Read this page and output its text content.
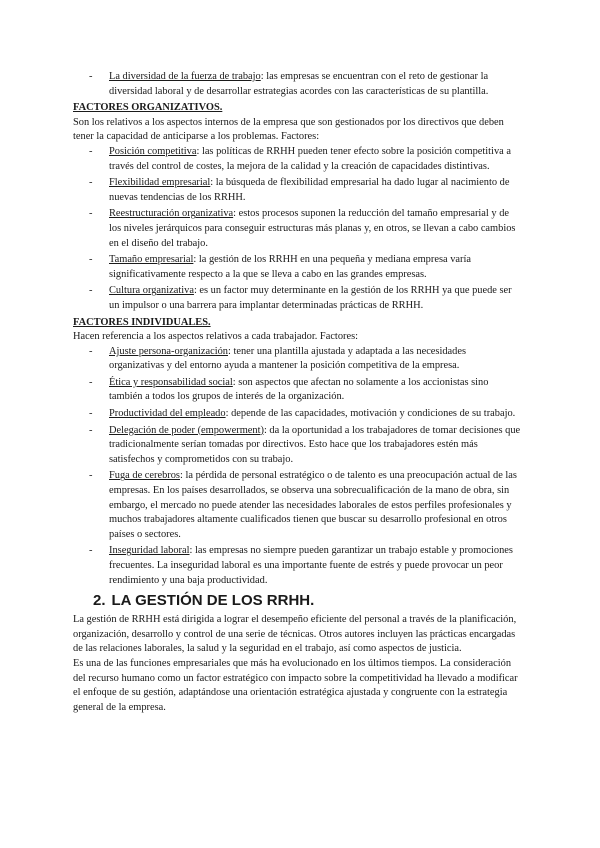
- La diversidad de la fuerza de trabajo: las empresas se encuentran con el reto de gestionar la diversidad laboral y de desarrollar estrategias acordes con las características de su plantilla.

FACTORES ORGANIZATIVOS.

Son los relativos a los aspectos internos de la empresa que son gestionados por los directivos que deben tener la capacidad de anticiparse a los problemas. Factores:

- Posición competitiva: las políticas de RRHH pueden tener efecto sobre la posición competitiva a través del control de costes, la mejora de la calidad y la creación de capacidades distintivas.
- Flexibilidad empresarial: la búsqueda de flexibilidad empresarial ha dado lugar al nacimiento de nuevas tendencias de los RRHH.
- Reestructuración organizativa: estos procesos suponen la reducción del tamaño empresarial y de los niveles jerárquicos para conseguir estructuras más planas y, en otros, se llevan a cabo cambios en el diseño del trabajo.
- Tamaño empresarial: la gestión de los RRHH en una pequeña y mediana empresa varía significativamente respecto a la que se lleva a cabo en las grandes empresas.
- Cultura organizativa: es un factor muy determinante en la gestión de los RRHH ya que puede ser un impulsor o una barrera para implantar determinadas prácticas de RRHH.

FACTORES INDIVIDUALES.

Hacen referencia a los aspectos relativos a cada trabajador. Factores:

- Ajuste persona-organización: tener una plantilla ajustada y adaptada a las necesidades organizativas y del entorno ayuda a mantener la posición competitiva de la empresa.
- Ética y responsabilidad social: son aspectos que afectan no solamente a los accionistas sino también a todos los grupos de interés de la organización.
- Productividad del empleado: depende de las capacidades, motivación y condiciones de su trabajo.
- Delegación de poder (empowerment): da la oportunidad a los trabajadores de tomar decisiones que tradicionalmente serían tomadas por directivos. Esto hace que los trabajadores estén más satisfechos y comprometidos con su trabajo.
- Fuga de cerebros: la pérdida de personal estratégico o de talento es una preocupación actual de las empresas. En los países desarrollados, se observa una sobrecualificación de la mano de obra, sin embargo, el mercado no puede atender las necesidades laborales de estos perfiles profesionales y muchos trabajadores altamente cualificados tienen que buscar su desarrollo profesional en otros países o sectores.
- Inseguridad laboral: las empresas no siempre pueden garantizar un trabajo estable y promociones frecuentes. La inseguridad laboral es una importante fuente de estrés y puede provocar un peor rendimiento y una baja productividad.
2. LA GESTIÓN DE LOS RRHH.

La gestión de RRHH está dirigida a lograr el desempeño eficiente del personal a través de la planificación, organización, desarrollo y control de una serie de técnicas. Otros autores incluyen las prácticas encargadas de las relaciones laborales, la salud y la seguridad en el trabajo, así como aspectos de justicia.

Es una de las funciones empresariales que más ha evolucionado en los últimos tiempos. La consideración del recurso humano como un factor estratégico con impacto sobre la competitividad ha llevado a modificar el enfoque de su gestión, adaptándose una orientación estratégica ajustada y congruente con la estrategia general de la empresa.
